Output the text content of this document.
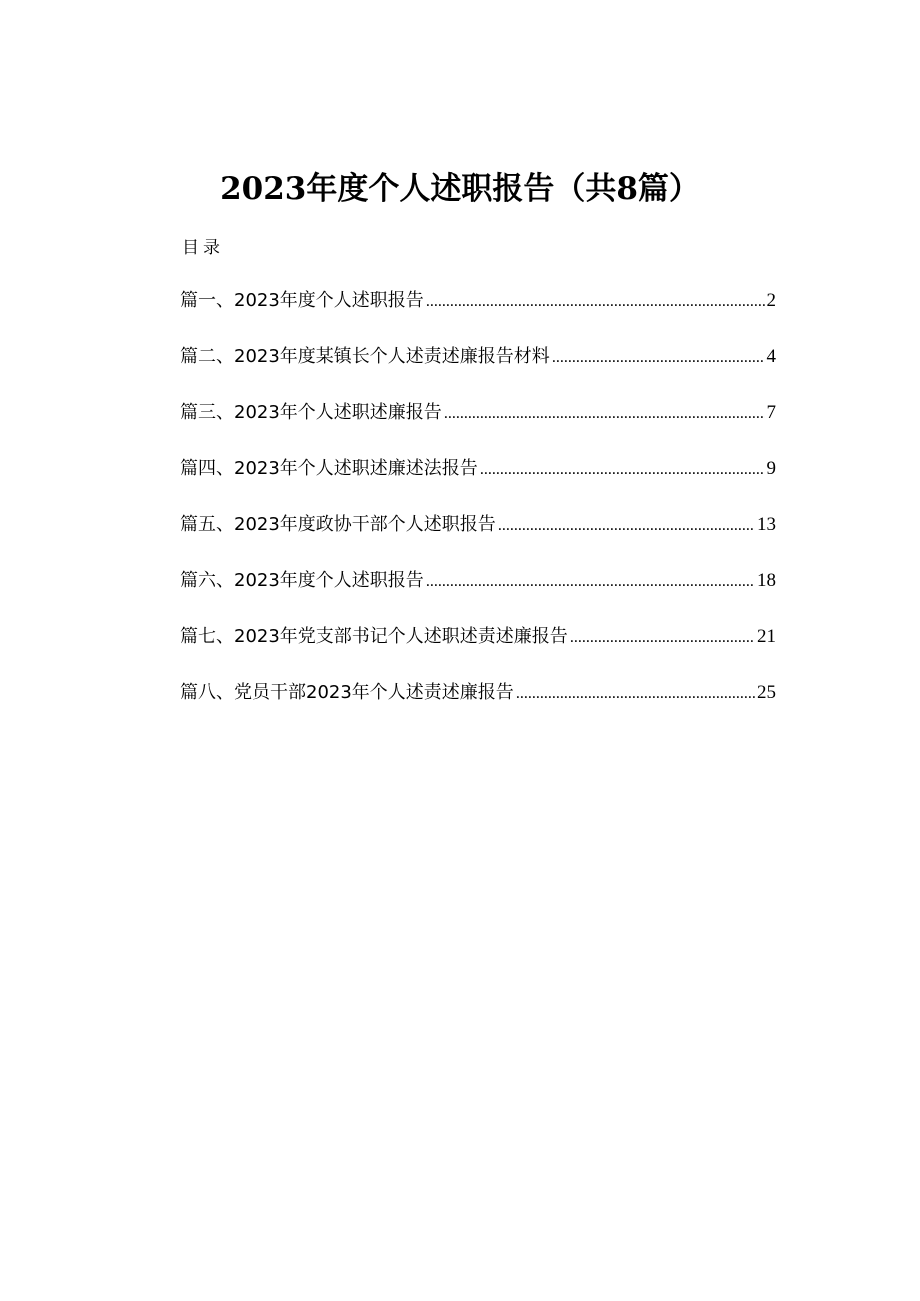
2023年度个人述职报告（共8篇）
目录
篇一、2023年度个人述职报告 .....	2
篇二、2023年度某镇长个人述责述廉报告材料 .....	4
篇三、2023年个人述职述廉报告 .....	7
篇四、2023年个人述职述廉述法报告 .....	9
篇五、2023年度政协干部个人述职报告 .....	13
篇六、2023年度个人述职报告 .....	18
篇七、2023年党支部书记个人述职述责述廉报告 .....	21
篇八、党员干部2023年个人述责述廉报告 .....	25
